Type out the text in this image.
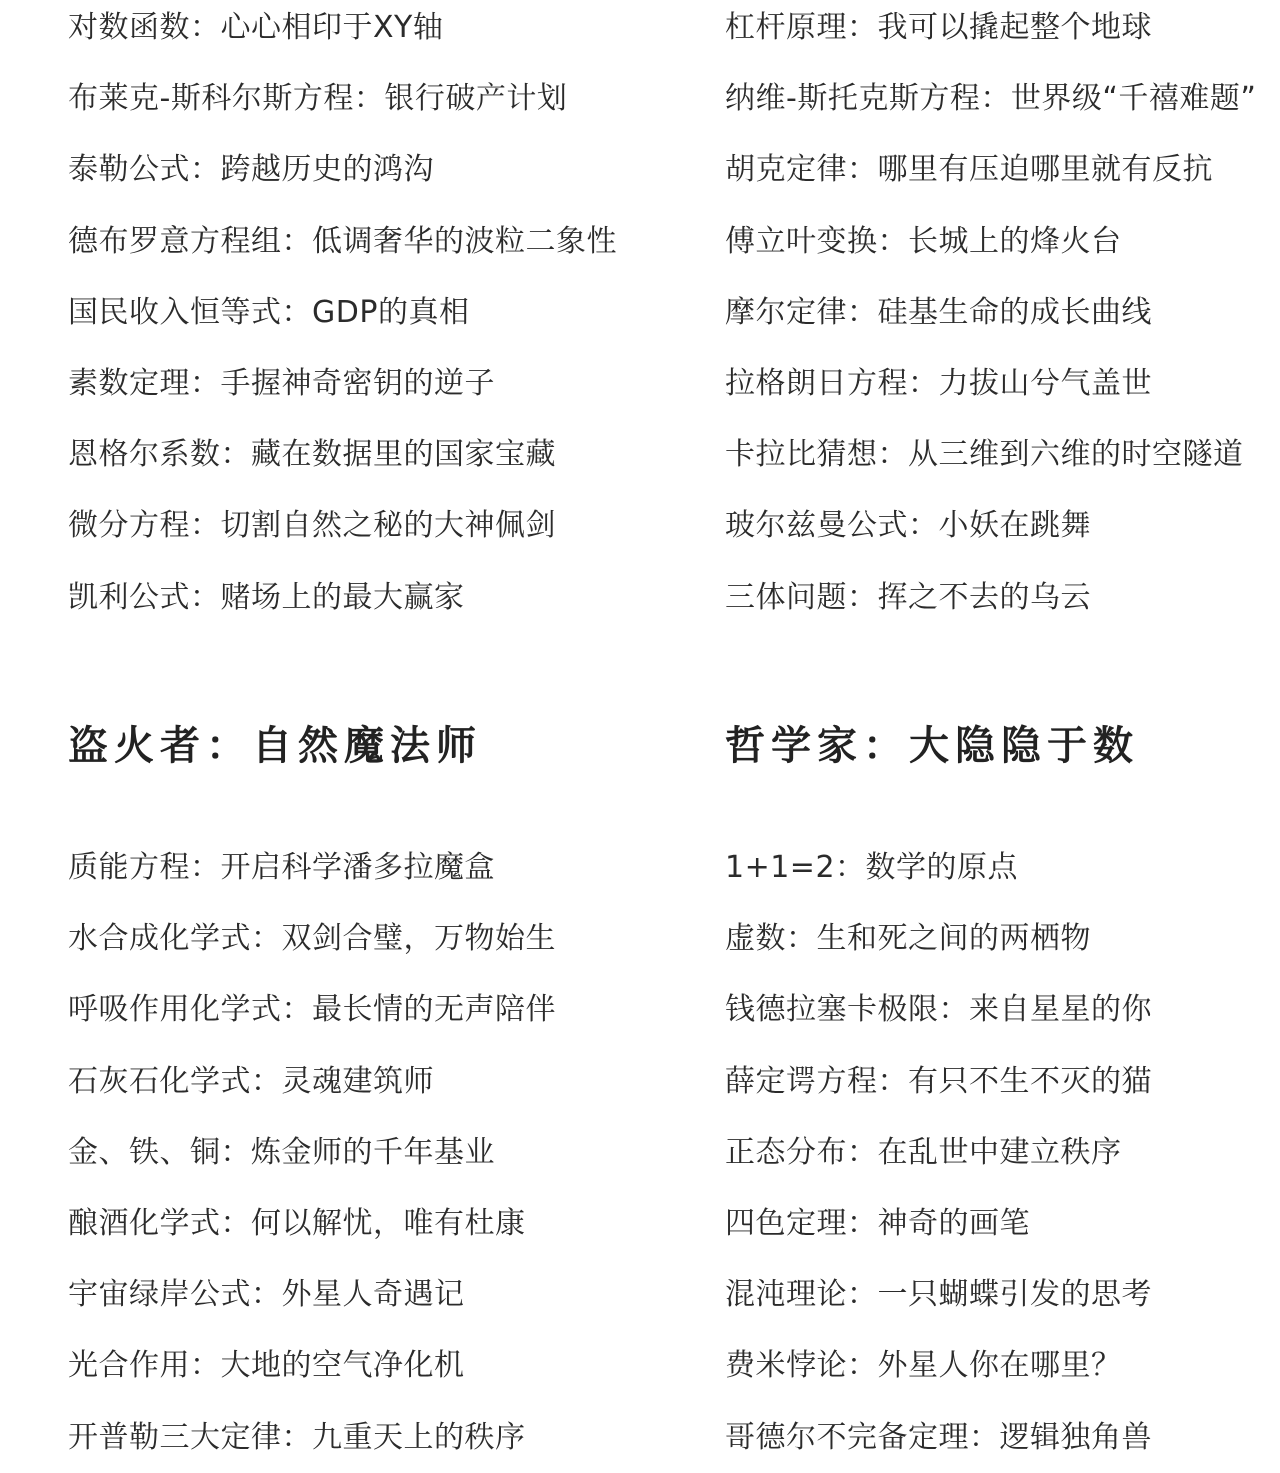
对数函数：心心相印于XY轴
布莱克-斯科尔斯方程：银行破产计划
泰勒公式：跨越历史的鸿沟
德布罗意方程组：低调奢华的波粒二象性
国民收入恒等式：GDP的真相
素数定理：手握神奇密钥的逆子
恩格尔系数：藏在数据里的国家宝藏
微分方程：切割自然之秘的大神佩剑
凯利公式：赌场上的最大赢家
杠杆原理：我可以撬起整个地球
纳维-斯托克斯方程：世界级“千禧难题”
胡克定律：哪里有压迫哪里就有反抗
傅立叶变换：长城上的烽火台
摩尔定律：硅基生命的成长曲线
拉格朗日方程：力拔山兮气盖世
卡拉比猜想：从三维到六维的时空隧道
玻尔兹曼公式：小妖在跳舞
三体问题：挥之不去的乌云
盗火者：自然魔法师	哲学家：大隐隐于数
质能方程：开启科学潘多拉魔盒
水合成化学式：双剑合璧，万物始生
呼吸作用化学式：最长情的无声陪伴
石灰石化学式：灵魂建筑师
金、铁、铜：炼金师的千年基业
酿酒化学式：何以解忧，唯有杜康
宇宙绿岸公式：外星人奇遇记
光合作用：大地的空气净化机
开普勒三大定律：九重天上的秩序
1+1=2：数学的原点
虚数：生和死之间的两栖物
钱德拉塞卡极限：来自星星的你
薛定谔方程：有只不生不灭的猫
正态分布：在乱世中建立秩序
四色定理：神奇的画笔
混沌理论：一只蝴蝶引发的思考
费米悖论：外星人你在哪里？
哥德尔不完备定理：逻辑独角兽
